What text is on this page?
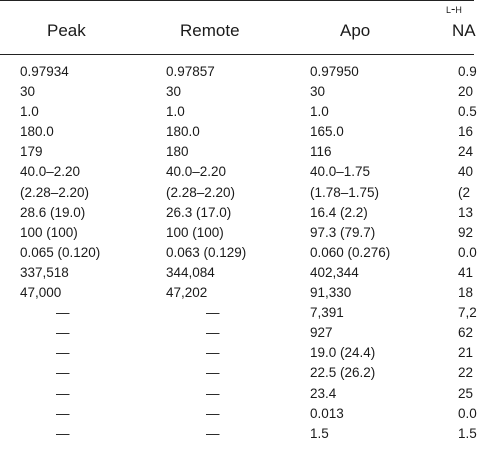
l-h
Peak	Remote	Apo	NA
0.97934	0.97857	0.97950	0.9
30	30	30	20
1.0	1.0	1.0	0.5
180.0	180.0	165.0	16
179	180	116	24
40.0–2.20	40.0–2.20	40.0–1.75	40
(2.28–2.20)	(2.28–2.20)	(1.78–1.75)	(2
28.6 (19.0)	26.3 (17.0)	16.4 (2.2)	13
100 (100)	100 (100)	97.3 (79.7)	92
0.065 (0.120)	0.063 (0.129)	0.060 (0.276)	0.0
337,518	344,084	402,344	41
47,000	47,202	91,330	18
—	—	7,391	7,2
—	—	927	62
—	—	19.0 (24.4)	21
—	—	22.5 (26.2)	22
—	—	23.4	25
—	—	0.013	0.0
—	—	1.5	1.5
